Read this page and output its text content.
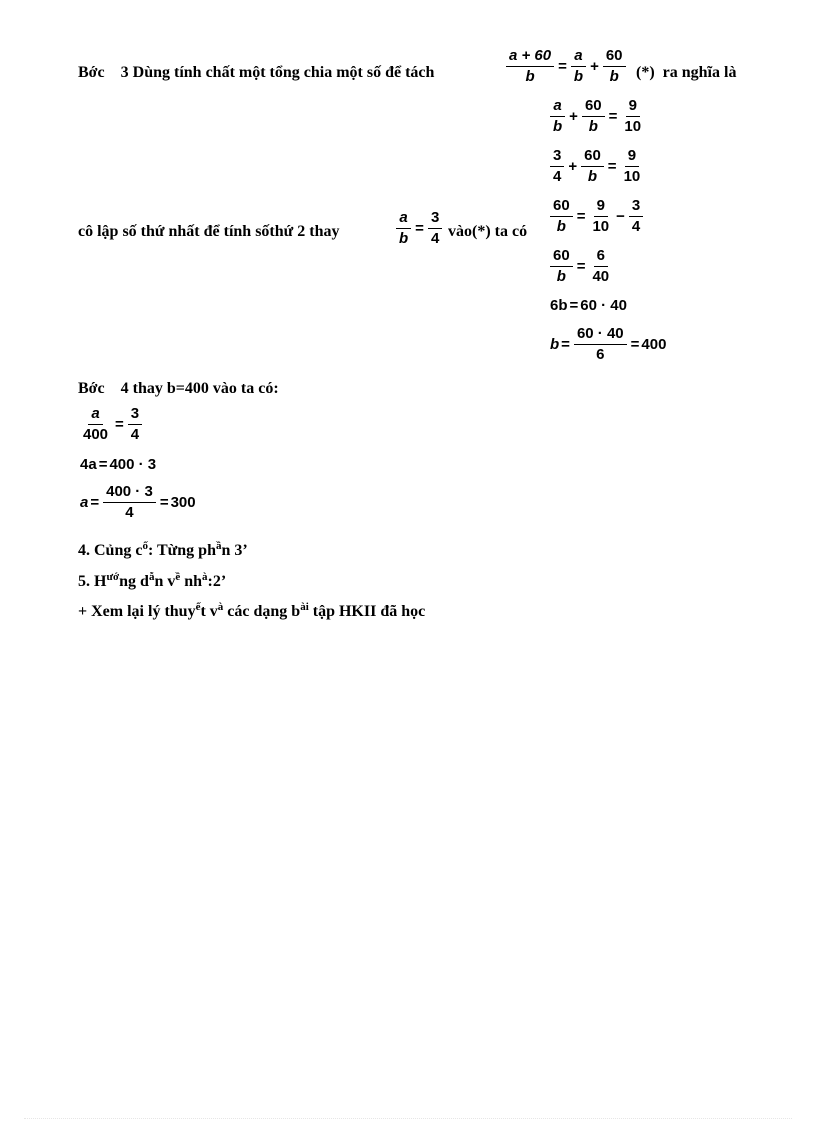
Bớc 3 Dùng tính chất một tổng chia một số để tách	$\frac{a + 60}{b} = \frac{a}{b} + \frac{60}{b}$ (*) ra nghĩa là
$\frac{a}{b} + \frac{60}{b} = \frac{9}{10}$
$\frac{3}{4} + \frac{60}{b} = \frac{9}{10}$
cô lập số thứ nhất để tính sốthứ 2 thay	$\frac{a}{b} = \frac{3}{4}$ vào(*) ta có $\frac{60}{b} = \frac{9}{10} - \frac{3}{4}$
$\frac{60}{b} = \frac{6}{40}$
6b = 60 · 40
$b = \frac{60 \cdot 40}{6} = 400$
Bớc 4 thay b=400 vào ta có:
$\frac{a}{400} = \frac{3}{4}$
4a = 400 · 3
$a = \frac{400 \cdot 3}{4} = 300$
4. Củng $c^ố$: Từng $ph^ần$ 3’
5. $H^{ướ}ng$ $d^ẫn$ $v^ề$ $nh^à:2$’
+ Xem lại lý thuy$^ế$t $v^à$ các dạng $b^{ài}$ tập HKII đã học
